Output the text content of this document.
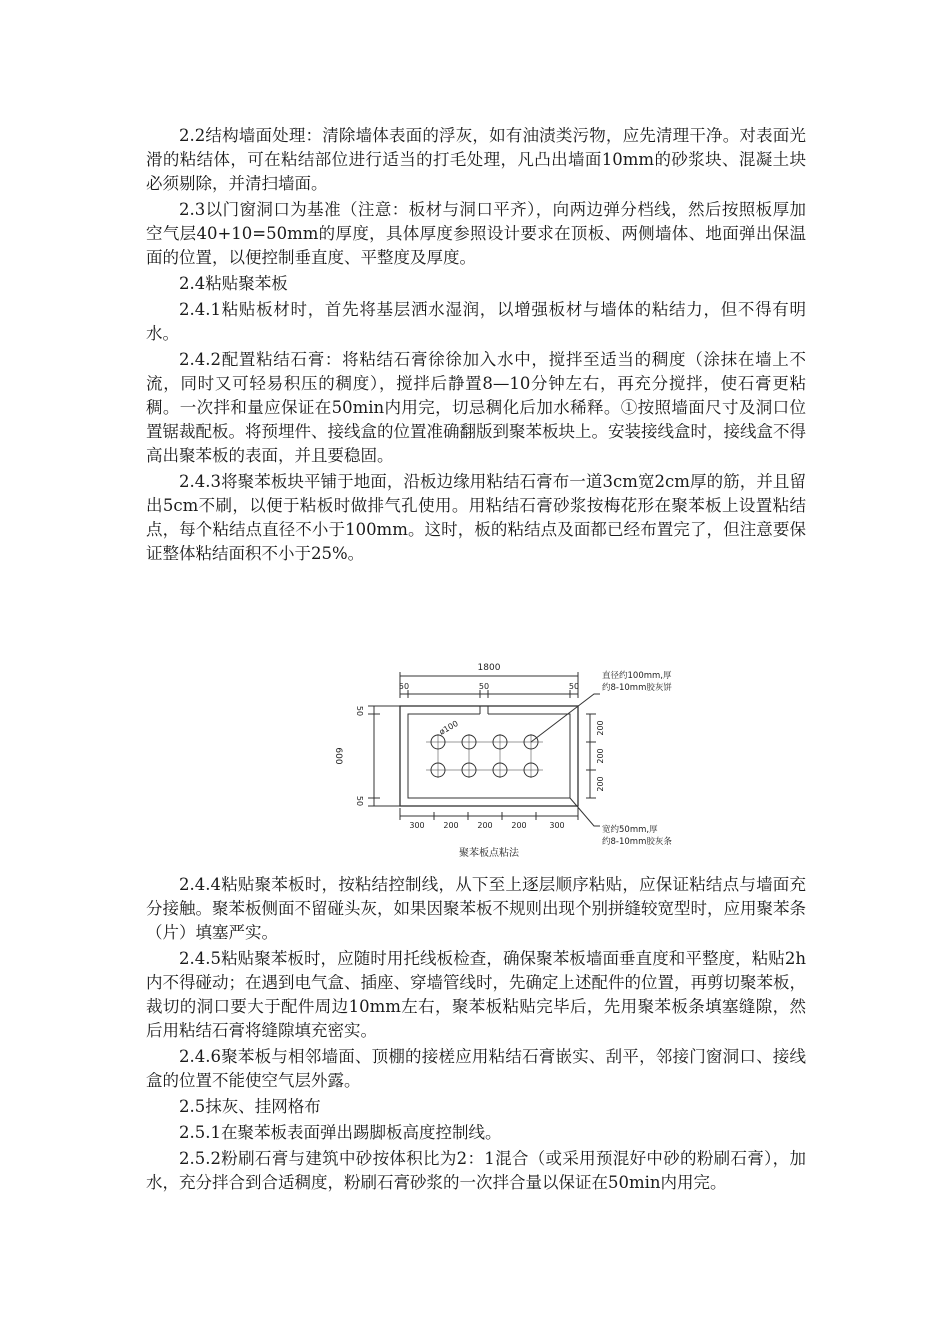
2.2结构墙面处理：清除墙体表面的浮灰，如有油渍类污物，应先清理干净。对表面光滑的粘结体，可在粘结部位进行适当的打毛处理，凡凸出墙面10mm的砂浆块、混凝土块必须剔除，并清扫墙面。

2.3以门窗洞口为基准（注意：板材与洞口平齐），向两边弹分档线，然后按照板厚加空气层40+10=50mm的厚度，具体厚度参照设计要求在顶板、两侧墙体、地面弹出保温面的位置，以便控制垂直度、平整度及厚度。

2.4粘贴聚苯板

2.4.1粘贴板材时，首先将基层洒水湿润，以增强板材与墙体的粘结力，但不得有明水。

2.4.2配置粘结石膏：将粘结石膏徐徐加入水中，搅拌至适当的稠度（涂抹在墙上不流，同时又可轻易积压的稠度），搅拌后静置8—10分钟左右，再充分搅拌，使石膏更粘稠。一次拌和量应保证在50min内用完，切忌稠化后加水稀释。①按照墙面尺寸及洞口位置锯裁配板。将预埋件、接线盒的位置准确翻版到聚苯板块上。安装接线盒时，接线盒不得高出聚苯板的表面，并且要稳固。

2.4.3将聚苯板块平铺于地面，沿板边缘用粘结石膏布一道3cm宽2cm厚的筋，并且留出5cm不刷，以便于粘板时做排气孔使用。用粘结石膏砂浆按梅花形在聚苯板上设置粘结点，每个粘结点直径不小于100mm。这时，板的粘结点及面都已经布置完了，但注意要保证整体粘结面积不小于25%。

1800
50	50	50
600
50
50
200
200
200
300 200 200 200	300
ø100
直径约100mm,厚
约8-10mm胶灰饼
宽约50mm,厚
约8-10mm胶灰条
聚苯板点粘法

2.4.4粘贴聚苯板时，按粘结控制线，从下至上逐层顺序粘贴，应保证粘结点与墙面充分接触。聚苯板侧面不留碰头灰，如果因聚苯板不规则出现个别拼缝较宽型时，应用聚苯条（片）填塞严实。

2.4.5粘贴聚苯板时，应随时用托线板检查，确保聚苯板墙面垂直度和平整度，粘贴2h内不得碰动；在遇到电气盒、插座、穿墙管线时，先确定上述配件的位置，再剪切聚苯板，裁切的洞口要大于配件周边10mm左右，聚苯板粘贴完毕后，先用聚苯板条填塞缝隙，然后用粘结石膏将缝隙填充密实。

2.4.6聚苯板与相邻墙面、顶棚的接槎应用粘结石膏嵌实、刮平，邻接门窗洞口、接线盒的位置不能使空气层外露。

2.5抹灰、挂网格布

2.5.1在聚苯板表面弹出踢脚板高度控制线。

2.5.2粉刷石膏与建筑中砂按体积比为2：1混合（或采用预混好中砂的粉刷石膏），加水，充分拌合到合适稠度，粉刷石膏砂浆的一次拌合量以保证在50min内用完。
